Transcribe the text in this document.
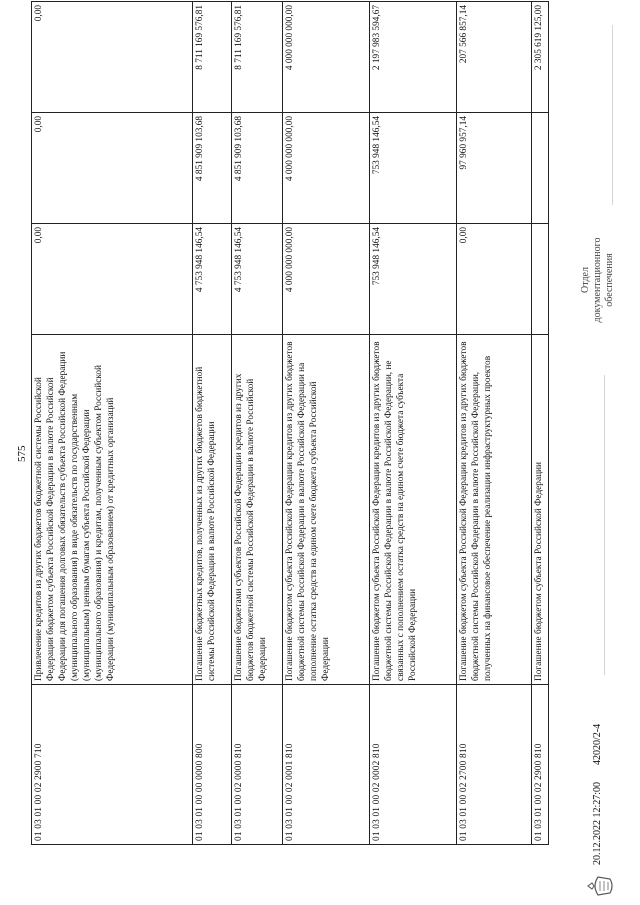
575
01 03 01 00 02 2900 710	Привлечение кредитов из других бюджетов бюджетной системы Российской Федерации бюджетом субъекта Российской Федерации в валюте Российской Федерации для погашения долговых обязательств субъекта Российской Федерации (муниципального образования) в виде обязательств по государственным (муниципальным) ценным бумагам субъекта Российской Федерации (муниципального образования) и кредитам, полученным субъектом Российской Федерации (муниципальным образованием) от кредитных организаций	0,00	0,00	0,00
01 03 01 00 00 0000 800	Погашение бюджетных кредитов, полученных из других бюджетов бюджетной системы Российской Федерации в валюте Российской Федерации	4 753 948 146,54	4 851 909 103,68	8 711 169 576,81
01 03 01 00 02 0000 810	Погашение бюджетами субъектов Российской Федерации кредитов из других бюджетов бюджетной системы Российской Федерации в валюте Российской Федерации	4 753 948 146,54	4 851 909 103,68	8 711 169 576,81
01 03 01 00 02 0001 810	Погашение бюджетом субъекта Российской Федерации кредитов из других бюджетов бюджетной системы Российской Федерации в валюте Российской Федерации на пополнение остатка средств на едином счете бюджета субъекта Российской Федерации	4 000 000 000,00	4 000 000 000,00	4 000 000 000,00
01 03 01 00 02 0002 810	Погашение бюджетом субъекта Российской Федерации кредитов из других бюджетов бюджетной системы Российской Федерации в валюте Российской Федерации, не связанных с пополнением остатка средств на едином счете бюджета субъекта Российской Федерации	753 948 146,54	753 948 146,54	2 197 983 594,67
01 03 01 00 02 2700 810	Погашение бюджетом субъекта Российской Федерации кредитов из других бюджетов бюджетной системы Российской Федерации в валюте Российской Федерации, полученных на финансовое обеспечение реализации инфраструктурных проектов	0,00	97 960 957,14	207 566 857,14
01 03 01 00 02 2900 810	Погашение бюджетом субъекта Российской Федерации			2 305 619 125,00
20.12.2022 12:27:00
42020/2-4
Отдел документационного обеспечения
